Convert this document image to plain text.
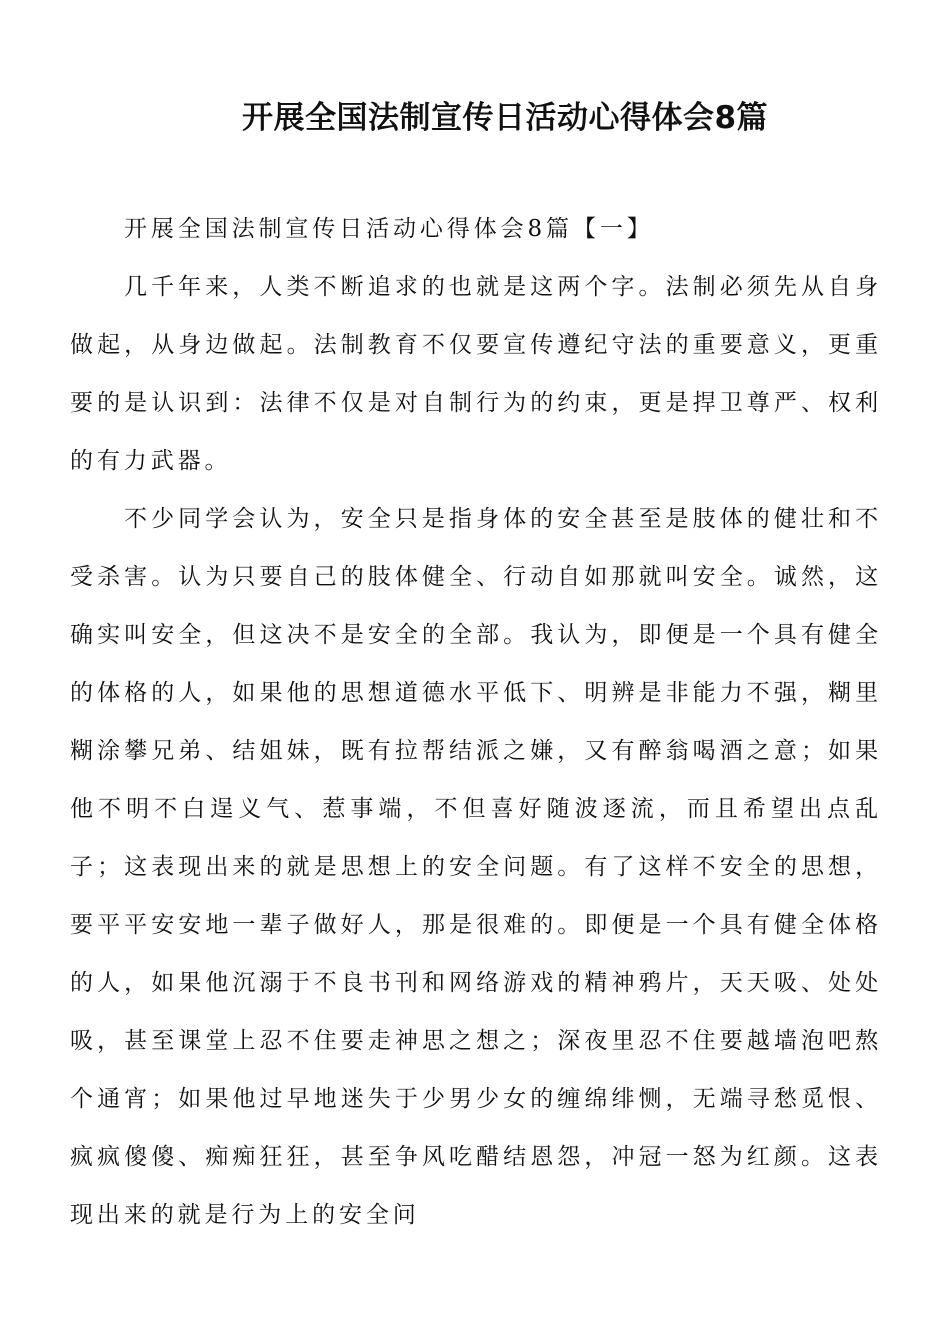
开展全国法制宣传日活动心得体会8篇

开展全国法制宣传日活动心得体会8篇【一】

几千年来，人类不断追求的也就是这两个字。法制必须先从自身做起，从身边做起。法制教育不仅要宣传遵纪守法的重要意义，更重要的是认识到：法律不仅是对自制行为的约束，更是捍卫尊严、权利的有力武器。

不少同学会认为，安全只是指身体的安全甚至是肢体的健壮和不受杀害。认为只要自己的肢体健全、行动自如那就叫安全。诚然，这确实叫安全，但这决不是安全的全部。我认为，即便是一个具有健全的体格的人，如果他的思想道德水平低下、明辨是非能力不强，糊里糊涂攀兄弟、结姐妹，既有拉帮结派之嫌，又有醉翁喝酒之意；如果他不明不白逞义气、惹事端，不但喜好随波逐流，而且希望出点乱子；这表现出来的就是思想上的安全问题。有了这样不安全的思想，要平平安安地一辈子做好人，那是很难的。即便是一个具有健全体格的人，如果他沉溺于不良书刊和网络游戏的精神鸦片，天天吸、处处吸，甚至课堂上忍不住要走神思之想之；深夜里忍不住要越墙泡吧熬个通宵；如果他过早地迷失于少男少女的缠绵绯恻，无端寻愁觅恨、疯疯傻傻、痴痴狂狂，甚至争风吃醋结恩怨，冲冠一怒为红颜。这表现出来的就是行为上的安全问
